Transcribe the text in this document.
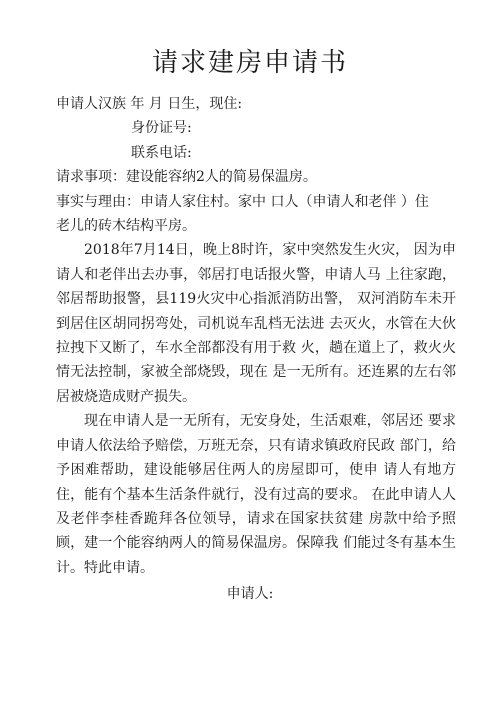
请求建房申请书

申请人汉族 年 月 日生，现住:

身份证号:

联系电话:

请求事项：建设能容纳2人的简易保温房。

事实与理由：申请人家住村。家中 口人（申请人和老伴 ）住

老儿的砖木结构平房。

2018年7月14日，晚上8时许，家中突然发生火灾， 因为申请人和老伴出去办事，邻居打电话报火警，申请人马 上往家跑，邻居帮助报警，县119火灾中心指派消防出警， 双河消防车未开到居住区胡同拐弯处，司机说车乱档无法进 去灭火，水管在大伙拉拽下又断了，车水全部都没有用于救 火，趟在道上了，救火火情无法控制，家被全部烧毁，现在 是一无所有。还连累的左右邻居被烧造成财产损失。

现在申请人是一无所有，无安身处，生活艰难，邻居还 要求申请人依法给予赔偿，万班无奈，只有请求镇政府民政 部门，给予困难帮助，建设能够居住两人的房屋即可，使申 请人有地方住，能有个基本生活条件就行，没有过高的要求。 在此申请人人及老伴李桂香跪拜各位领导，请求在国家扶贫建 房款中给予照顾，建一个能容纳两人的简易保温房。保障我 们能过冬有基本生计。特此申请。

申请人:
